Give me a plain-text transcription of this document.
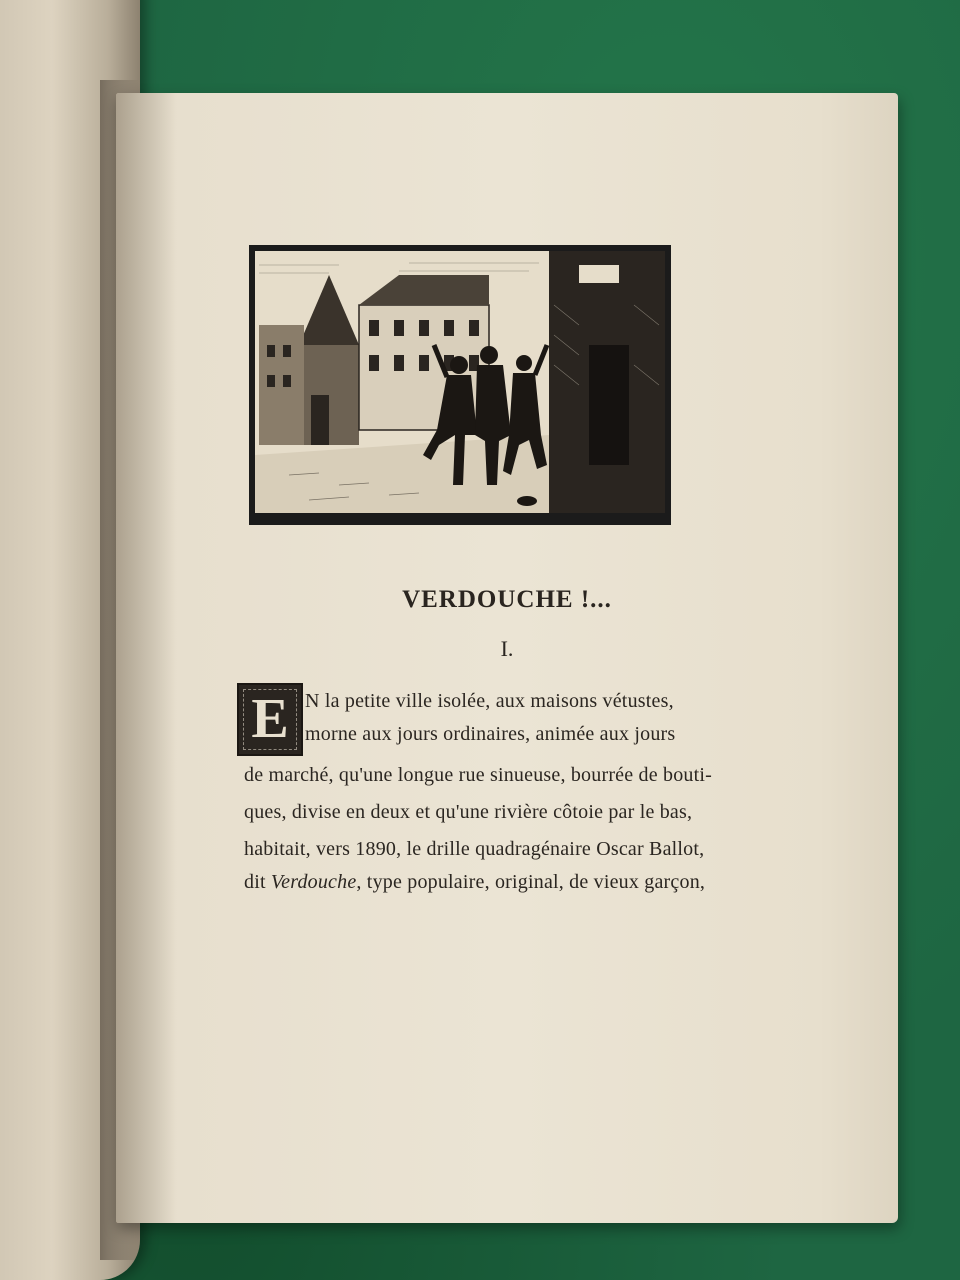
VERDOUCHE !...
I.
E N la petite ville isolée, aux maisons vétustes,
morne aux jours ordinaires, animée aux jours
de marché, qu'une longue rue sinueuse, bourrée de bouti-
ques, divise en deux et qu'une rivière côtoie par le bas,
habitait, vers 1890, le drille quadragénaire Oscar Ballot,
dit Verdouche, type populaire, original, de vieux garçon,
